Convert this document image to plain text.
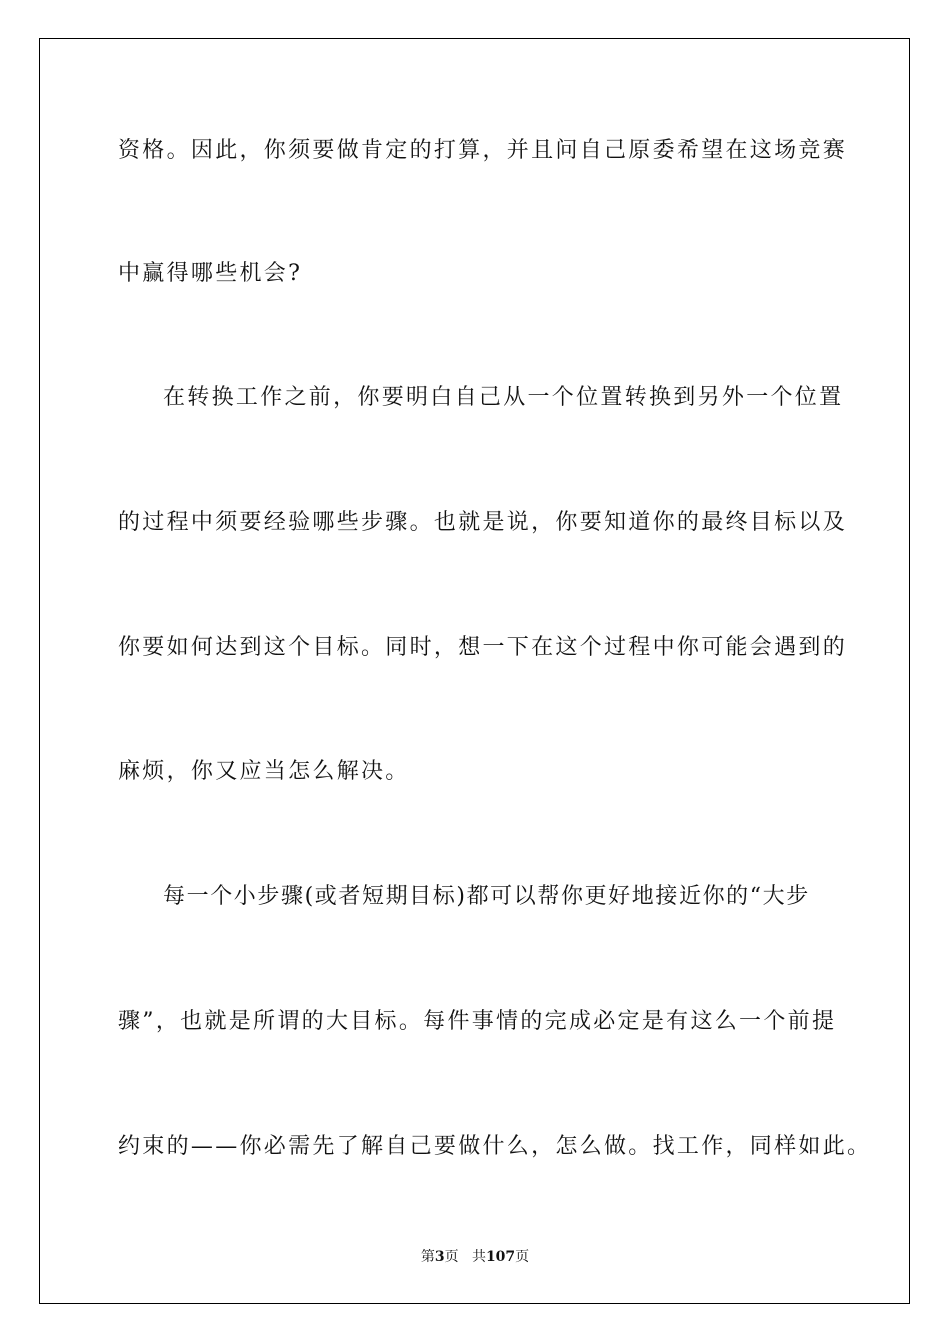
资格。因此，你须要做肯定的打算，并且问自己原委希望在这场竞赛
中赢得哪些机会?
在转换工作之前，你要明白自己从一个位置转换到另外一个位置
的过程中须要经验哪些步骤。也就是说，你要知道你的最终目标以及
你要如何达到这个目标。同时，想一下在这个过程中你可能会遇到的
麻烦，你又应当怎么解决。
每一个小步骤(或者短期目标)都可以帮你更好地接近你的“大步
骤”，也就是所谓的大目标。每件事情的完成必定是有这么一个前提
约束的——你必需先了解自己要做什么，怎么做。找工作，同样如此。
第3页 共107页
